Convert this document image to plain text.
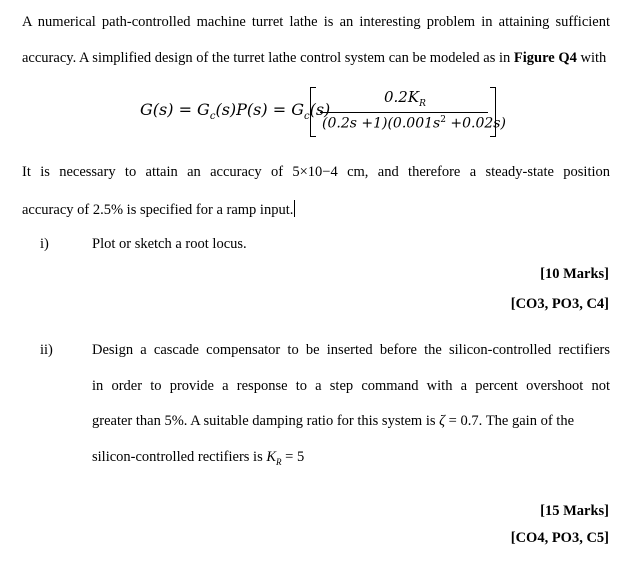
A numerical path-controlled machine turret lathe is an interesting problem in attaining sufficient
accuracy. A simplified design of the turret lathe control system can be modeled as in Figure Q4 with
$G(s) = G_c(s)P(s) = G_c(s)$
$0.2K_R$
$(0.2s +1)(0.001s^2 +0.02s)$
It is necessary to attain an accuracy of 5×10−4 cm, and therefore a steady-state position
accuracy of 2.5% is specified for a ramp input.
i)	Plot or sketch a root locus.
[10 Marks]
[CO3, PO3, C4]
ii)	Design a cascade compensator to be inserted before the silicon-controlled rectifiers
in order to provide a response to a step command with a percent overshoot not
greater than 5%. A suitable damping ratio for this system is ζ = 0.7. The gain of the
silicon-controlled rectifiers is $K_R = 5$
[15 Marks]
[CO4, PO3, C5]
